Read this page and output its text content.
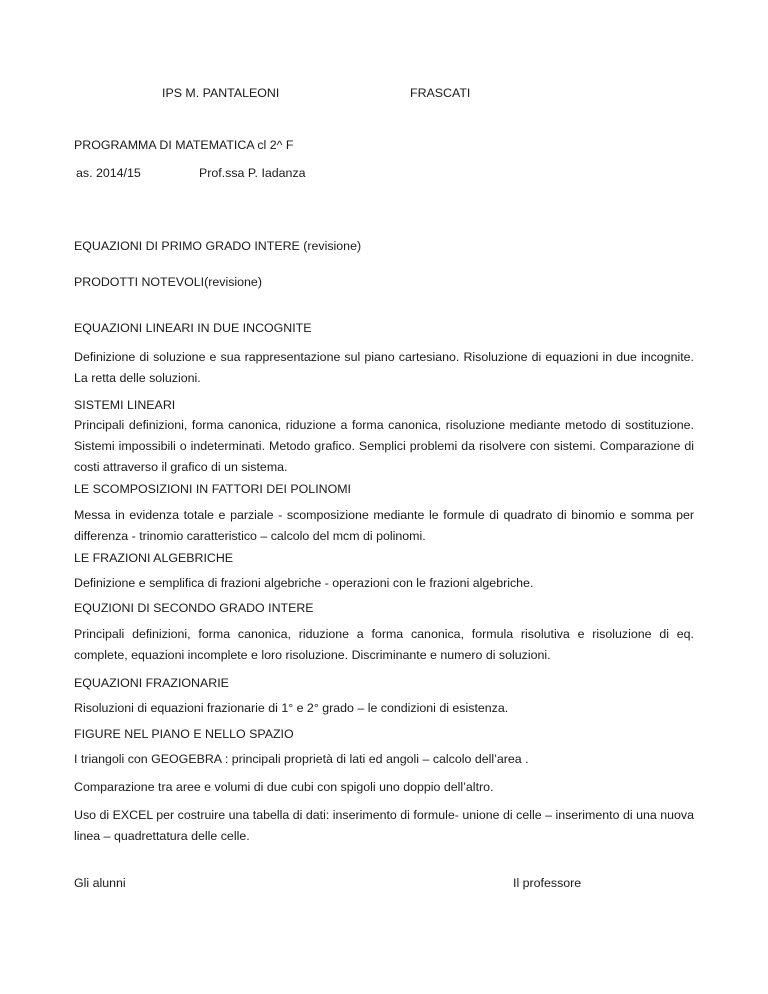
IPS M. PANTALEONI	FRASCATI
PROGRAMMA DI MATEMATICA cl 2^ F
as. 2014/15	Prof.ssa P. Iadanza
EQUAZIONI DI PRIMO GRADO INTERE (revisione)
PRODOTTI NOTEVOLI(revisione)
EQUAZIONI LINEARI IN DUE INCOGNITE
Definizione di soluzione e sua rappresentazione sul piano cartesiano. Risoluzione di equazioni in due incognite. La retta delle soluzioni.
SISTEMI LINEARI
Principali definizioni, forma canonica, riduzione a forma canonica, risoluzione mediante metodo di sostituzione. Sistemi impossibili o indeterminati. Metodo grafico. Semplici problemi da risolvere con sistemi. Comparazione di costi attraverso il grafico di un sistema.
LE SCOMPOSIZIONI IN FATTORI DEI POLINOMI
Messa in evidenza totale e parziale - scomposizione mediante le formule di quadrato di binomio e somma per differenza - trinomio caratteristico – calcolo del mcm di polinomi.
LE FRAZIONI ALGEBRICHE
Definizione e semplifica di frazioni algebriche - operazioni con le frazioni algebriche.
EQUZIONI DI SECONDO GRADO INTERE
Principali definizioni, forma canonica, riduzione a forma canonica, formula risolutiva e risoluzione di eq. complete, equazioni incomplete e loro risoluzione. Discriminante e numero di soluzioni.
EQUAZIONI FRAZIONARIE
Risoluzioni di equazioni frazionarie di 1° e 2° grado – le condizioni di esistenza.
FIGURE NEL PIANO E NELLO SPAZIO
I triangoli con GEOGEBRA : principali proprietà di lati ed angoli – calcolo dell’area .
Comparazione tra aree e volumi di due cubi con spigoli uno doppio dell’altro.
Uso di EXCEL per costruire una tabella di dati: inserimento di formule- unione di celle – inserimento di una nuova linea – quadrettatura delle celle.
Gli alunni	Il professore
